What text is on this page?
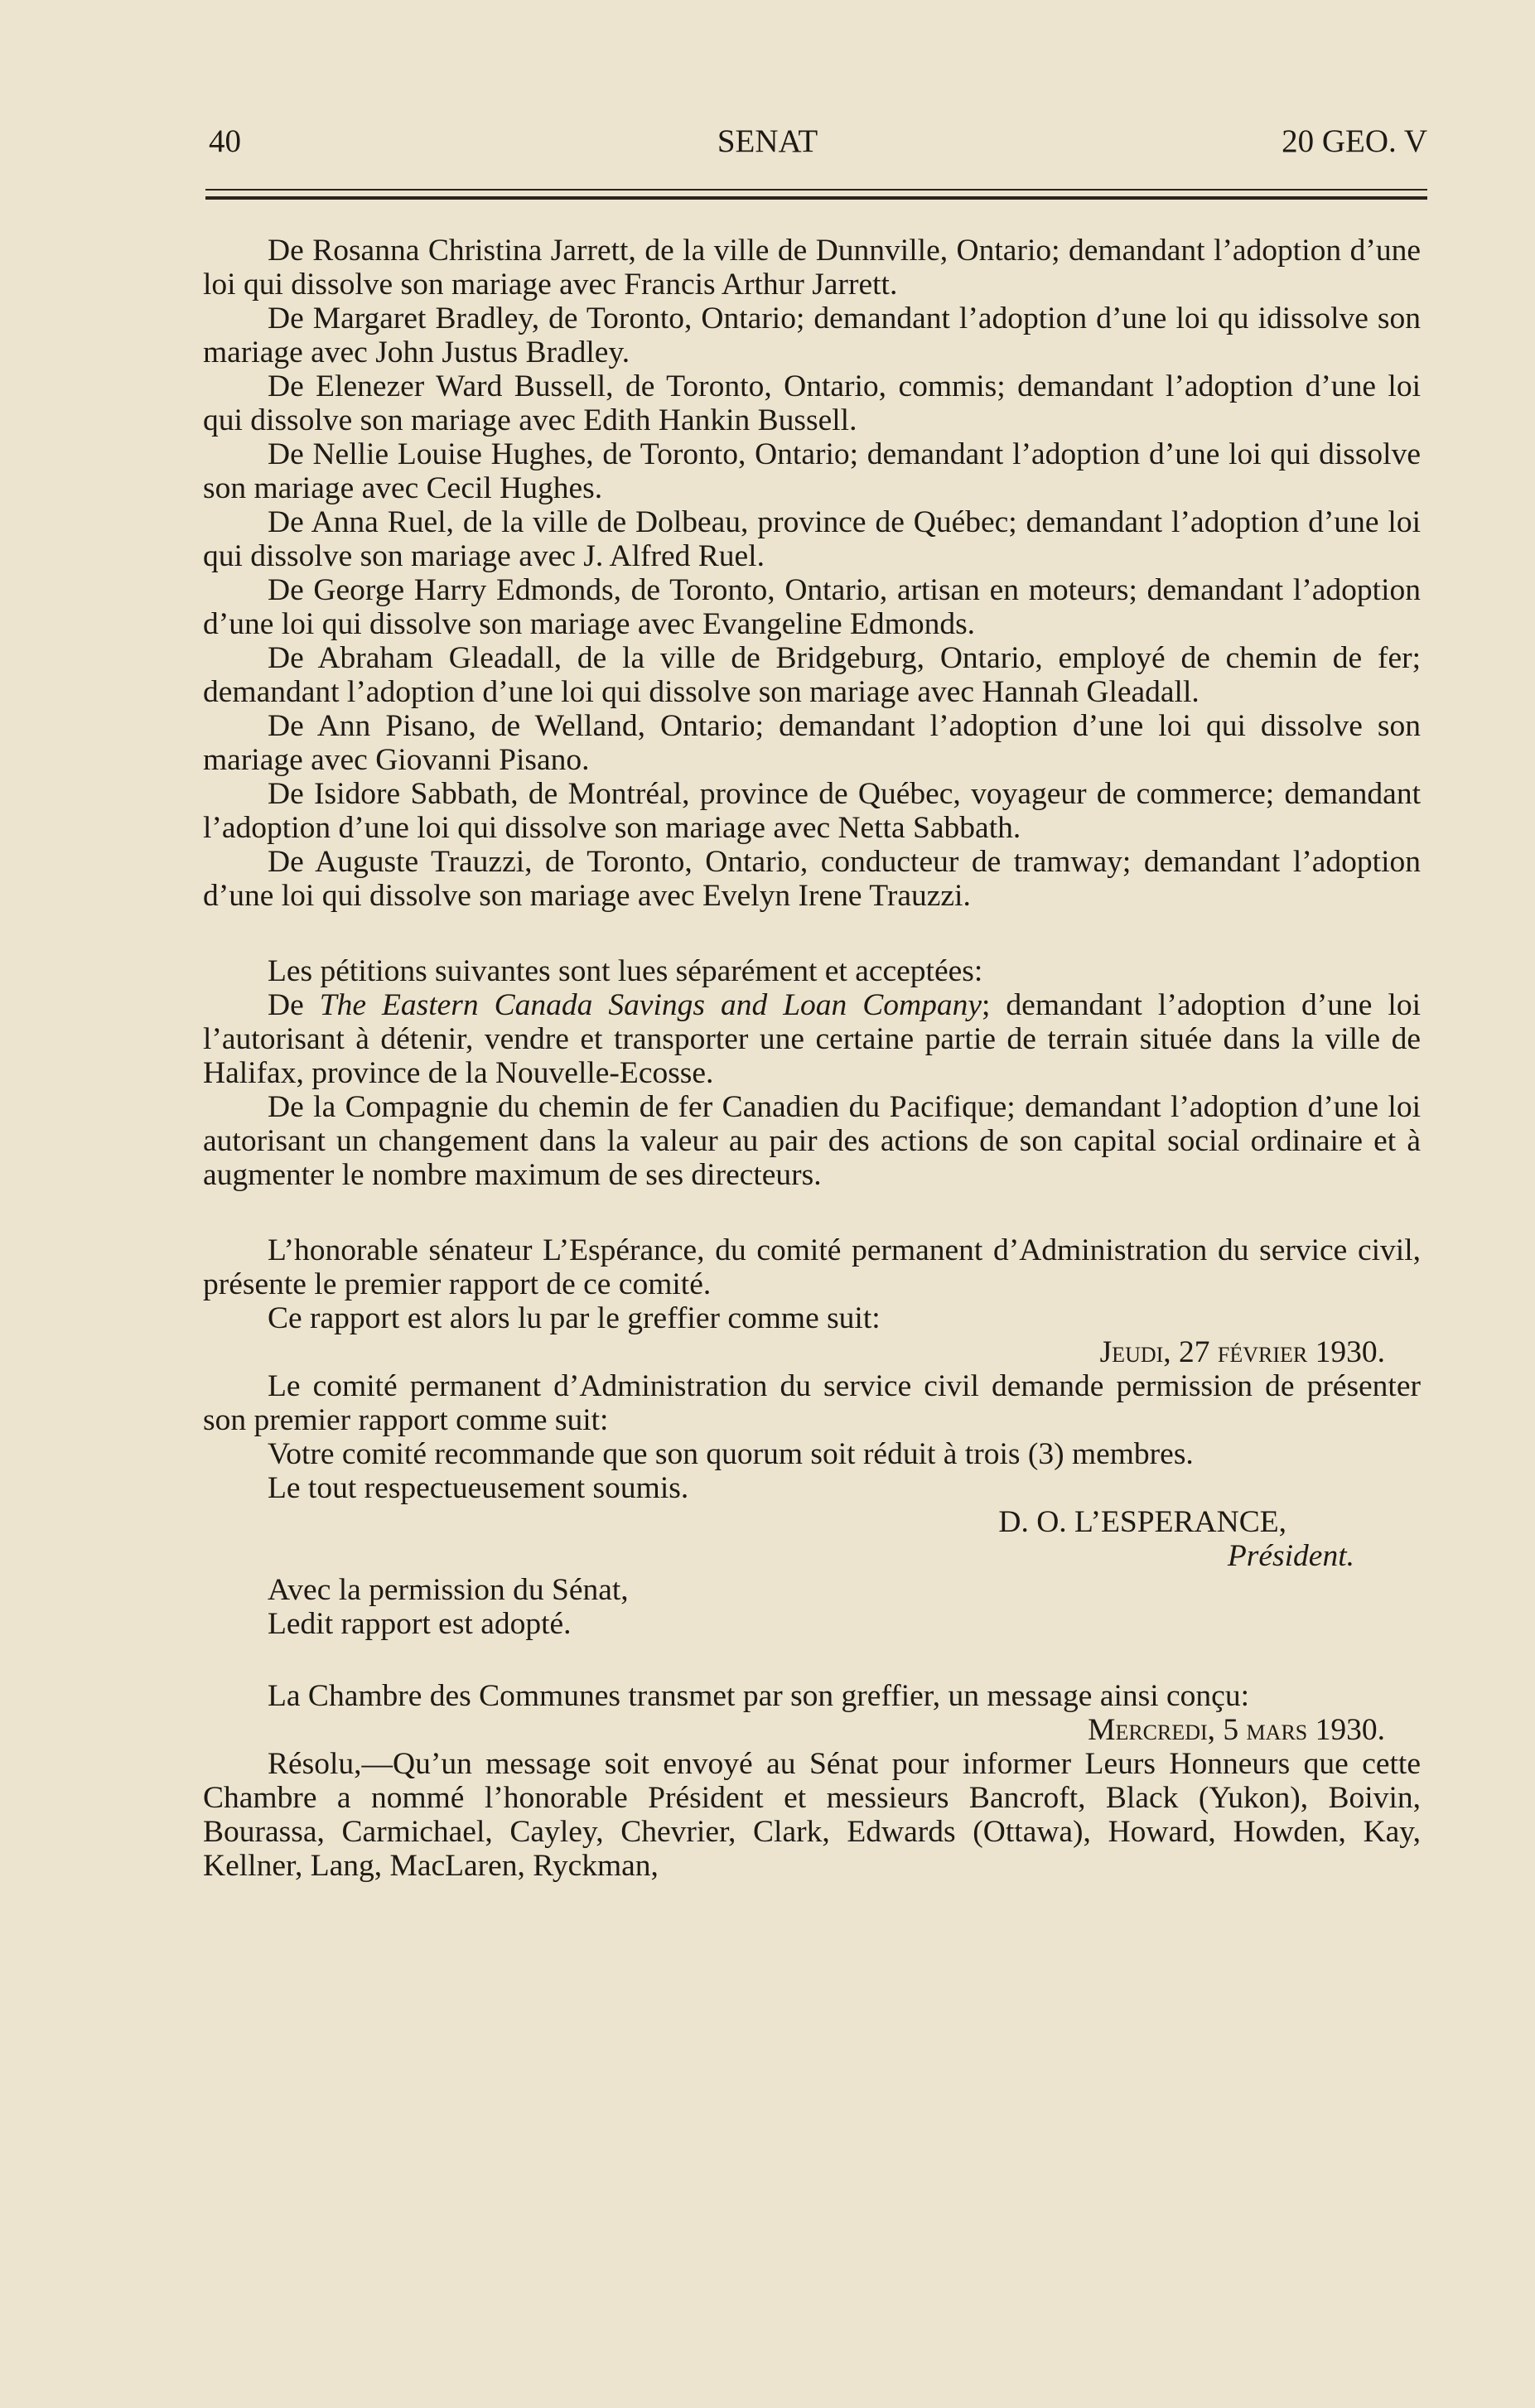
40	SENAT	20 GEO. V

De Rosanna Christina Jarrett, de la ville de Dunnville, Ontario; demandant l’adoption d’une loi qui dissolve son mariage avec Francis Arthur Jarrett.

De Margaret Bradley, de Toronto, Ontario; demandant l’adoption d’une loi qu idissolve son mariage avec John Justus Bradley.

De Elenezer Ward Bussell, de Toronto, Ontario, commis; demandant l’adoption d’une loi qui dissolve son mariage avec Edith Hankin Bussell.

De Nellie Louise Hughes, de Toronto, Ontario; demandant l’adoption d’une loi qui dissolve son mariage avec Cecil Hughes.

De Anna Ruel, de la ville de Dolbeau, province de Québec; demandant l’adoption d’une loi qui dissolve son mariage avec J. Alfred Ruel.

De George Harry Edmonds, de Toronto, Ontario, artisan en moteurs; demandant l’adoption d’une loi qui dissolve son mariage avec Evangeline Edmonds.

De Abraham Gleadall, de la ville de Bridgeburg, Ontario, employé de chemin de fer; demandant l’adoption d’une loi qui dissolve son mariage avec Hannah Gleadall.

De Ann Pisano, de Welland, Ontario; demandant l’adoption d’une loi qui dissolve son mariage avec Giovanni Pisano.

De Isidore Sabbath, de Montréal, province de Québec, voyageur de commerce; demandant l’adoption d’une loi qui dissolve son mariage avec Netta Sabbath.

De Auguste Trauzzi, de Toronto, Ontario, conducteur de tramway; demandant l’adoption d’une loi qui dissolve son mariage avec Evelyn Irene Trauzzi.

Les pétitions suivantes sont lues séparément et acceptées:

De The Eastern Canada Savings and Loan Company; demandant l’adoption d’une loi l’autorisant à détenir, vendre et transporter une certaine partie de terrain située dans la ville de Halifax, province de la Nouvelle-Ecosse.

De la Compagnie du chemin de fer Canadien du Pacifique; demandant l’adoption d’une loi autorisant un changement dans la valeur au pair des actions de son capital social ordinaire et à augmenter le nombre maximum de ses directeurs.

L’honorable sénateur L’Espérance, du comité permanent d’Administration du service civil, présente le premier rapport de ce comité.

Ce rapport est alors lu par le greffier comme suit:

Jeudi, 27 février 1930.

Le comité permanent d’Administration du service civil demande permission de présenter son premier rapport comme suit:

Votre comité recommande que son quorum soit réduit à trois (3) membres.

Le tout respectueusement soumis.

D. O. L’ESPERANCE,

Président.

Avec la permission du Sénat,

Ledit rapport est adopté.

La Chambre des Communes transmet par son greffier, un message ainsi conçu:

Mercredi, 5 mars 1930.

Résolu,—Qu’un message soit envoyé au Sénat pour informer Leurs Honneurs que cette Chambre a nommé l’honorable Président et messieurs Bancroft, Black (Yukon), Boivin, Bourassa, Carmichael, Cayley, Chevrier, Clark, Edwards (Ottawa), Howard, Howden, Kay, Kellner, Lang, MacLaren, Ryckman,
